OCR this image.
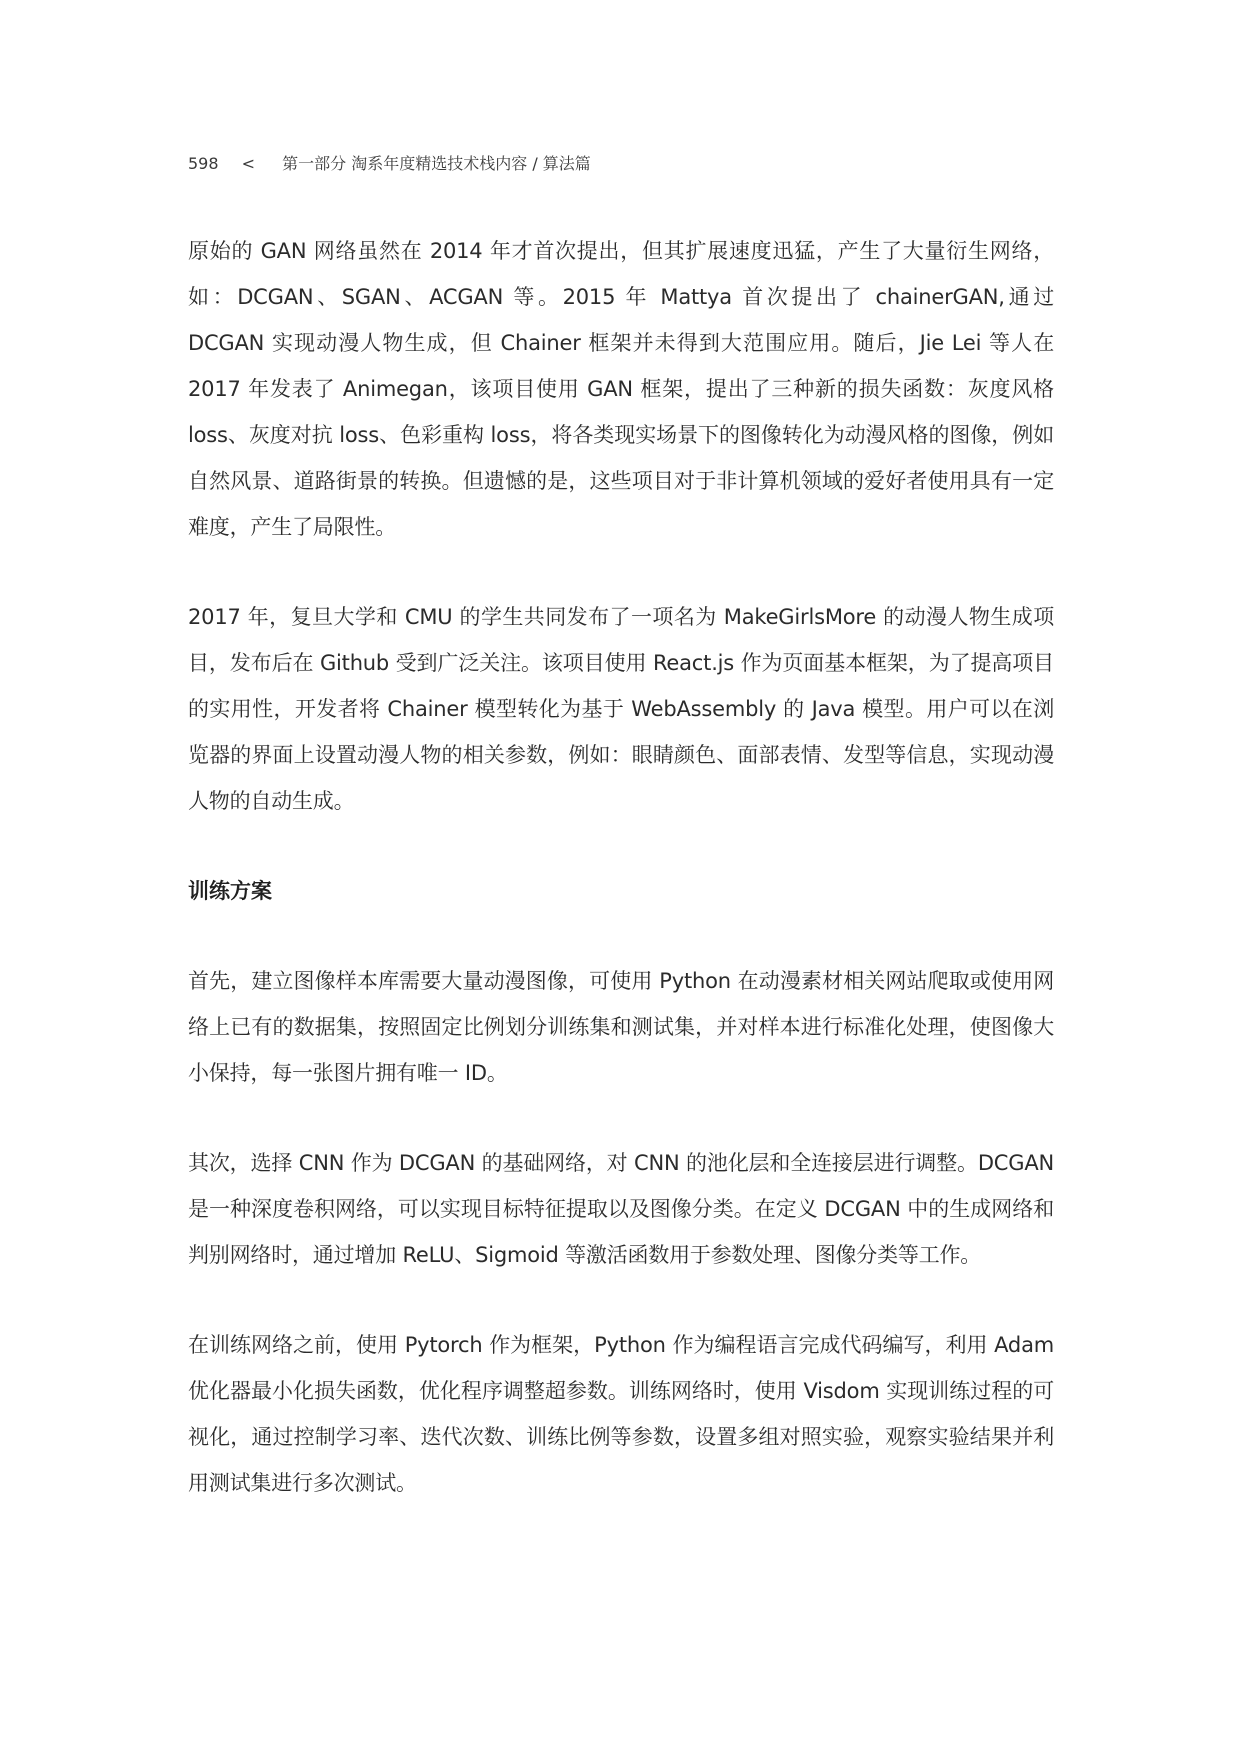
598 < 第一部分 淘系年度精选技术栈内容 / 算法篇

原始的 GAN 网络虽然在 2014 年才首次提出，但其扩展速度迅猛，产生了大量衍生网络，如：DCGAN、SGAN、ACGAN 等。2015 年 Mattya 首次提出了 chainerGAN,通过 DCGAN 实现动漫人物生成，但 Chainer 框架并未得到大范围应用。随后，Jie Lei 等人在 2017 年发表了 Animegan，该项目使用 GAN 框架，提出了三种新的损失函数：灰度风格 loss、灰度对抗 loss、色彩重构 loss，将各类现实场景下的图像转化为动漫风格的图像，例如自然风景、道路街景的转换。但遗憾的是，这些项目对于非计算机领域的爱好者使用具有一定难度，产生了局限性。

2017 年，复旦大学和 CMU 的学生共同发布了一项名为 MakeGirlsMore 的动漫人物生成项目，发布后在 Github 受到广泛关注。该项目使用 React.js 作为页面基本框架，为了提高项目的实用性，开发者将 Chainer 模型转化为基于 WebAssembly 的 Java 模型。用户可以在浏览器的界面上设置动漫人物的相关参数，例如：眼睛颜色、面部表情、发型等信息，实现动漫人物的自动生成。

训练方案

首先，建立图像样本库需要大量动漫图像，可使用 Python 在动漫素材相关网站爬取或使用网络上已有的数据集，按照固定比例划分训练集和测试集，并对样本进行标准化处理，使图像大小保持，每一张图片拥有唯一 ID。

其次，选择 CNN 作为 DCGAN 的基础网络，对 CNN 的池化层和全连接层进行调整。DCGAN 是一种深度卷积网络，可以实现目标特征提取以及图像分类。在定义 DCGAN 中的生成网络和判别网络时，通过增加 ReLU、Sigmoid 等激活函数用于参数处理、图像分类等工作。

在训练网络之前，使用 Pytorch 作为框架，Python 作为编程语言完成代码编写，利用 Adam 优化器最小化损失函数，优化程序调整超参数。训练网络时，使用 Visdom 实现训练过程的可视化，通过控制学习率、迭代次数、训练比例等参数，设置多组对照实验，观察实验结果并利用测试集进行多次测试。
